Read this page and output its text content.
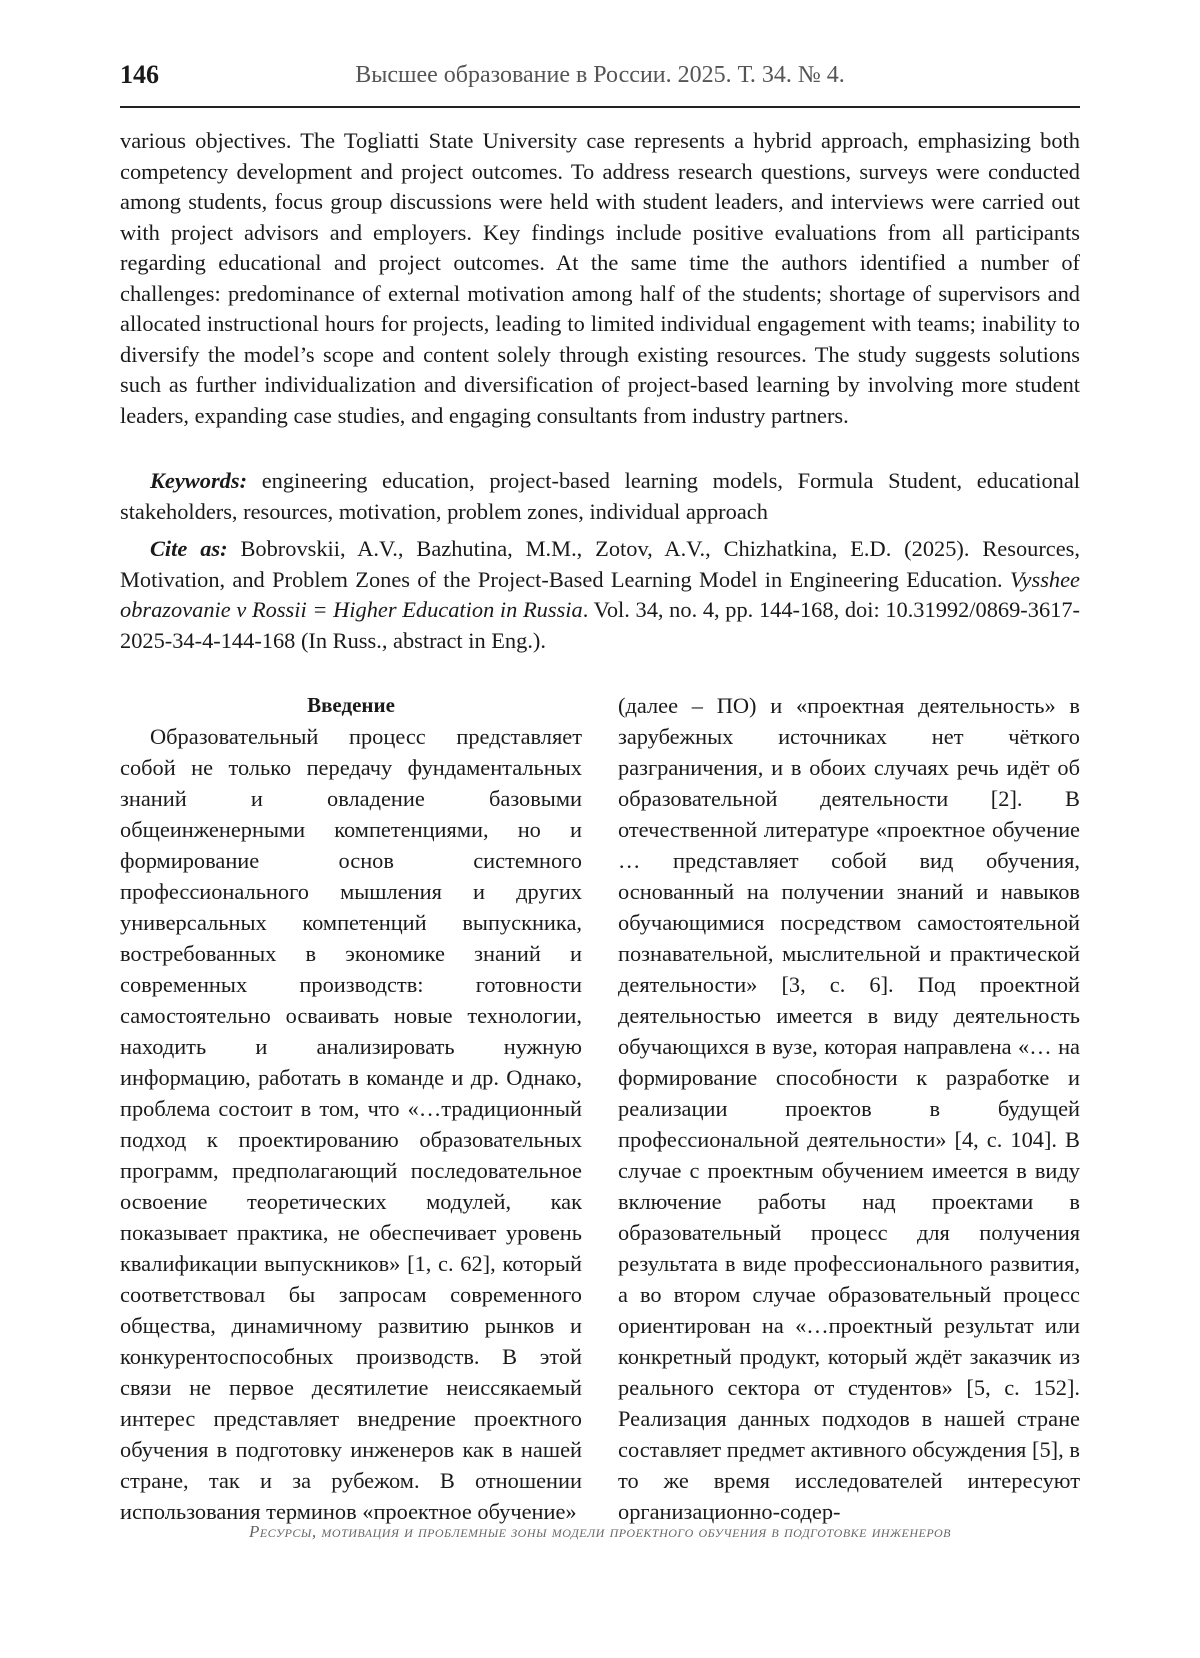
146	Высшее образование в России. 2025. Т. 34. № 4.

various objectives. The Togliatti State University case represents a hybrid approach, emphasizing both competency development and project outcomes. To address research questions, surveys were conducted among students, focus group discussions were held with student leaders, and interviews were carried out with project advisors and employers. Key findings include positive evaluations from all participants regarding educational and project outcomes. At the same time the authors identified a number of challenges: predominance of external motivation among half of the students; shortage of supervisors and allocated instructional hours for projects, leading to limited individual engagement with teams; inability to diversify the model’s scope and content solely through existing resources. The study suggests solutions such as further individualization and diversification of project-based learning by involving more student leaders, expanding case studies, and engaging consultants from industry partners.

Keywords: engineering education, project-based learning models, Formula Student, educational stakeholders, resources, motivation, problem zones, individual approach

Cite as: Bobrovskii, A.V., Bazhutina, M.M., Zotov, A.V., Chizhatkina, E.D. (2025). Resources, Motivation, and Problem Zones of the Project-Based Learning Model in Engineering Education. Vysshee obrazovanie v Rossii = Higher Education in Russia. Vol. 34, no. 4, pp. 144-168, doi: 10.31992/0869-3617-2025-34-4-144-168 (In Russ., abstract in Eng.).

Введение

Образовательный процесс представляет собой не только передачу фундаментальных знаний и овладение базовыми общеинженерными компетенциями, но и формирование основ системного профессионального мышления и других универсальных компетенций выпускника, востребованных в экономике знаний и современных производств: готовности самостоятельно осваивать новые технологии, находить и анализировать нужную информацию, работать в команде и др. Однако, проблема состоит в том, что «…традиционный подход к проектированию образовательных программ, предполагающий последовательное освоение теоретических модулей, как показывает практика, не обеспечивает уровень квалификации выпускников» [1, с. 62], который соответствовал бы запросам современного общества, динамичному развитию рынков и конкурентоспособных производств. В этой связи не первое десятилетие неиссякаемый интерес представляет внедрение проектного обучения в подготовку инженеров как в нашей стране, так и за рубежом. В отношении использования терминов «проектное обучение»

(далее – ПО) и «проектная деятельность» в зарубежных источниках нет чёткого разграничения, и в обоих случаях речь идёт об образовательной деятельности [2]. В отечественной литературе «проектное обучение … представляет собой вид обучения, основанный на получении знаний и навыков обучающимися посредством самостоятельной познавательной, мыслительной и практической деятельности» [3, с. 6]. Под проектной деятельностью имеется в виду деятельность обучающихся в вузе, которая направлена «… на формирование способности к разработке и реализации проектов в будущей профессиональной деятельности» [4, с. 104]. В случае с проектным обучением имеется в виду включение работы над проектами в образовательный процесс для получения результата в виде профессионального развития, а во втором случае образовательный процесс ориентирован на «…проектный результат или конкретный продукт, который ждёт заказчик из реального сектора от студентов» [5, с. 152]. Реализация данных подходов в нашей стране составляет предмет активного обсуждения [5], в то же время исследователей интересуют организационно-содер-

Ресурсы, мотивация и проблемные зоны модели проектного обучения в подготовке инженеров
